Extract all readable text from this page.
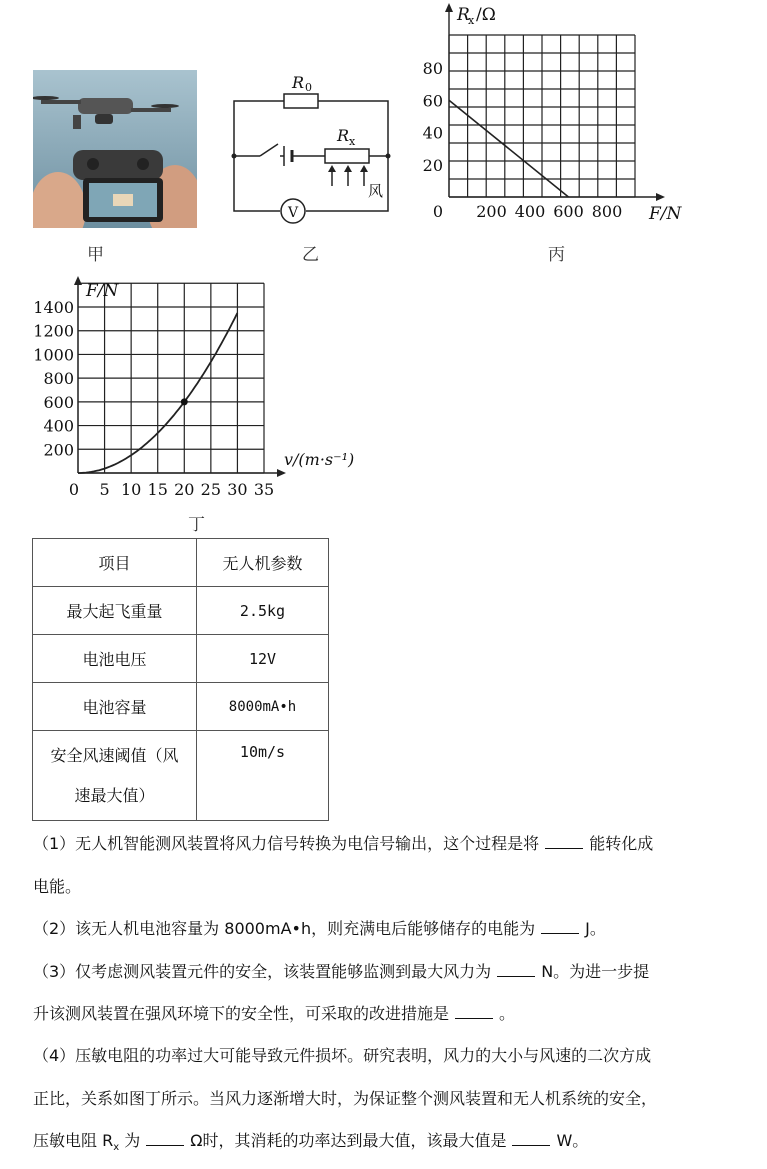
甲
R 0
R x
V
风
乙
20
40
60
80
0 200 400 600 800
R
x /Ω
F/N
丙
200
400
600
800
1000
1200
1400
0 5 10 15 20 25 30 35
F/N
v/(m·s⁻¹)
丁
项目	无人机参数
最大起飞重量	2.5kg
电池电压	12V
电池容量	8000mA•h

安全风速阈值（风
速最大值）	10m/s
（1）无人机智能测风装置将风力信号转换为电信号输出，这个过程是将	能转化成
电能。
（2）该无人机电池容量为 8000mA•h，则充满电后能够储存的电能为	J。
（3）仅考虑测风装置元件的安全，该装置能够监测到最大风力为	N。为进一步提
升该测风装置在强风环境下的安全性，可采取的改进措施是	。
（4）压敏电阻的功率过大可能导致元件损坏。研究表明，风力的大小与风速的二次方成
正比，关系如图丁所示。当风力逐渐增大时，为保证整个测风装置和无人机系统的安全，
压敏电阻 $R_x$ 为	Ω时，其消耗的功率达到最大值，该最大值是	W。
